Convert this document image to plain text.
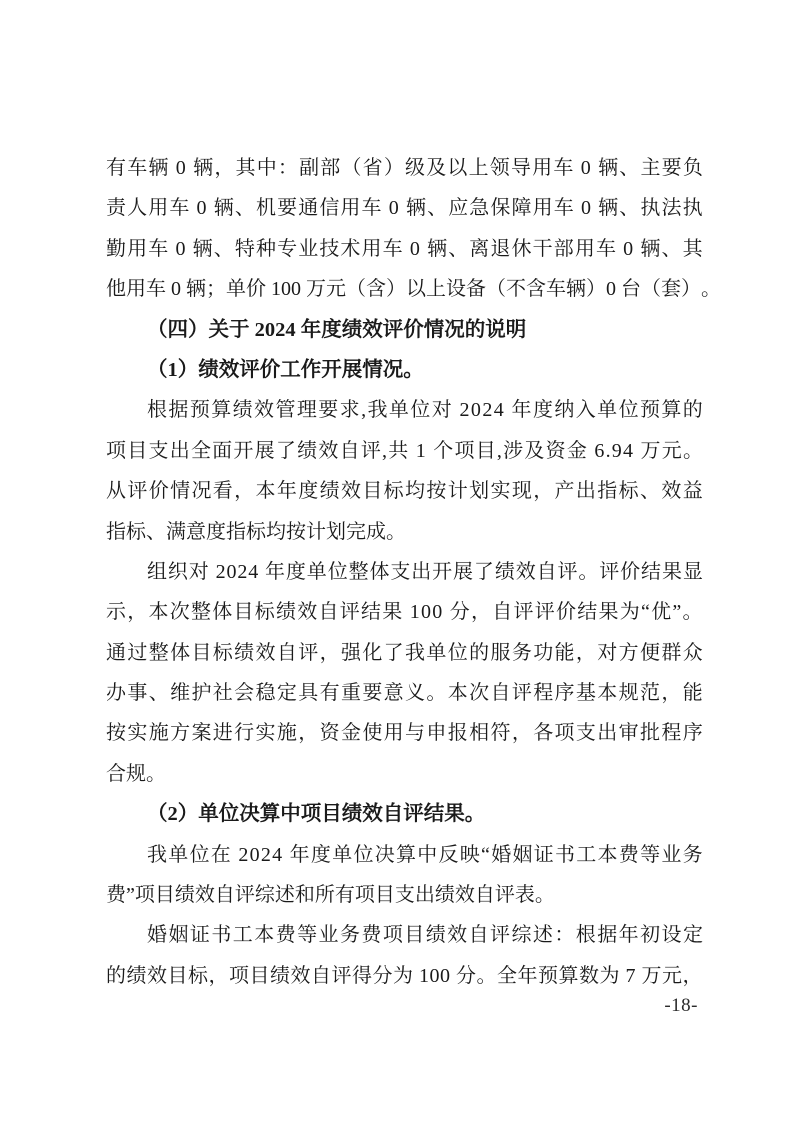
有 车 辆
0
辆 ， 其 中 ： 副 部 （ 省 ） 级 及 以 上 领 导 用 车
0
辆 、 主 要 负
责 人 用 车
0
辆 、 机 要 通 信 用 车
0
辆 、 应 急 保 障 用 车
0
辆 、 执 法 执
勤 用 车
0
辆 、 特 种 专 业 技 术 用 车
0
辆 、 离 退 休 干 部 用 车
0
辆 、 其
他 用 车
0
辆 ； 单 价
1 0 0
万 元 （ 含 ） 以 上 设 备 （ 不 含 车 辆 ） 0
台 （ 套 ） 。
（四）关于 2024 年度绩效评价情况的说明
（1）绩效评价工作开展情况。
根 据 预 算 绩 效 管 理 要 求 , 我 单 位 对
2 0 2 4
年 度 纳 入 单 位 预 算 的
项 目 支 出 全 面 开 展 了 绩 效 自 评 , 共
1
个 项 目 , 涉 及 资 金
6 . 9 4
万 元 。
从 评 价 情 况 看 ， 本 年 度 绩 效 目 标 均 按 计 划 实 现 ， 产 出 指 标 、 效 益
指标、满意度指标均按计划完成。
组 织 对
2 0 2 4
年 度 单 位 整 体 支 出 开 展 了 绩 效 自 评 。 评 价 结 果 显
示 ， 本 次 整 体 目 标 绩 效 自 评 结 果
1 0 0
分 ， 自 评 评 价 结 果 为 “ 优 ” 。
通 过 整 体 目 标 绩 效 自 评 ， 强 化 了 我 单 位 的 服 务 功 能 ， 对 方 便 群 众
办 事 、 维 护 社 会 稳 定 具 有 重 要 意 义 。 本 次 自 评 程 序 基 本 规 范 ， 能
按 实 施 方 案 进 行 实 施 ， 资 金 使 用 与 申 报 相 符 ， 各 项 支 出 审 批 程 序
合规。
（2）单位决算中项目绩效自评结果。
我 单 位 在
2 0 2 4
年 度 单 位 决 算 中 反 映 “ 婚 姻 证 书 工 本 费 等 业 务
费”项目绩效自评综述和所有项目支出绩效自评表。
婚 姻 证 书 工 本 费 等 业 务 费 项 目 绩 效 自 评 综 述 ： 根 据 年 初 设 定
的 绩 效 目 标 ， 项 目 绩 效 自 评 得 分 为
1 0 0
分 。 全 年 预 算 数 为
7
万 元 ，
-18-
